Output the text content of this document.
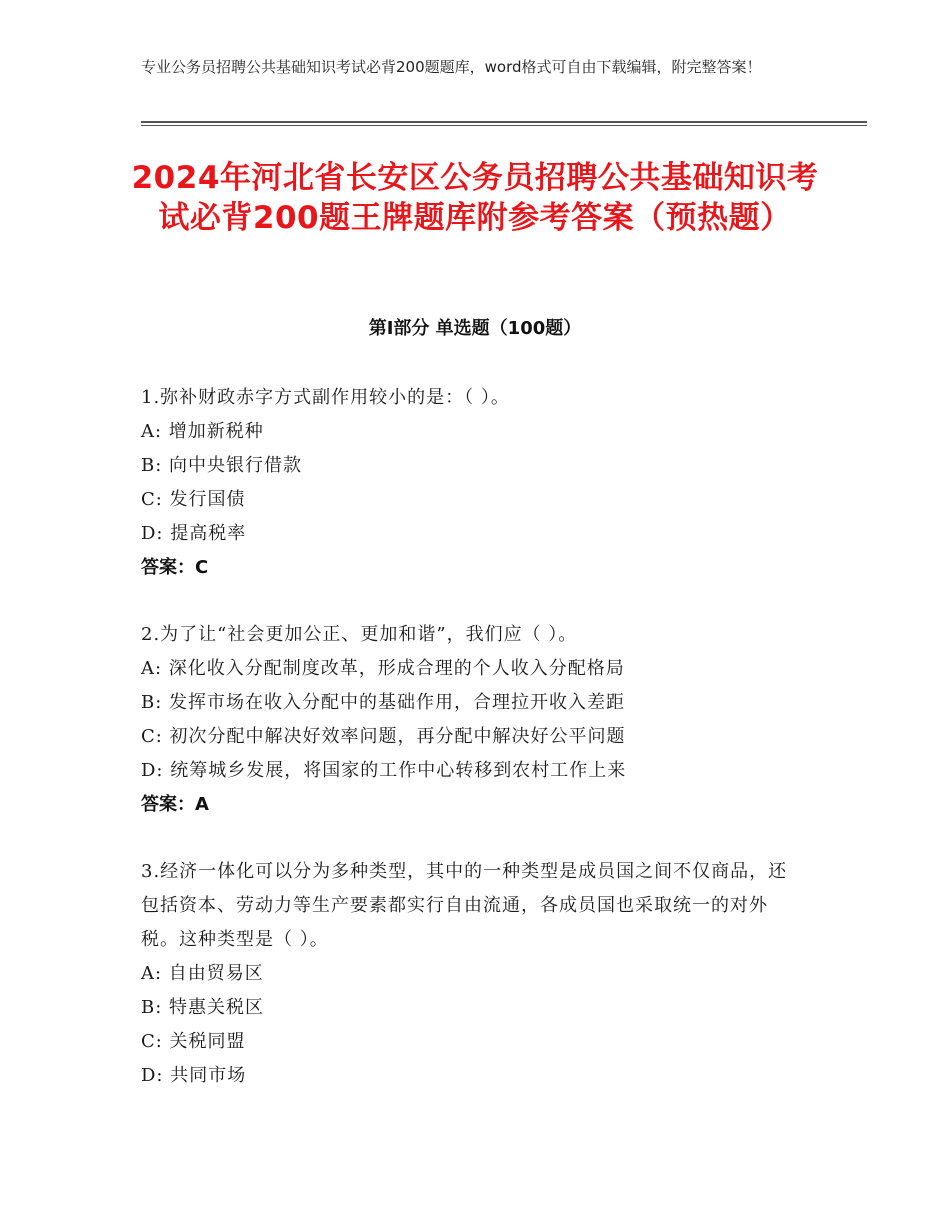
专业公务员招聘公共基础知识考试必背200题题库，word格式可自由下载编辑，附完整答案！
2024年河北省长安区公务员招聘公共基础知识考试必背200题王牌题库附参考答案（预热题）
第Ⅰ部分 单选题（100题）
1.弥补财政赤字方式副作用较小的是：（ ）。
A: 增加新税种
B: 向中央银行借款
C: 发行国债
D: 提高税率
答案：C
2.为了让“社会更加公正、更加和谐”，我们应（ ）。
A: 深化收入分配制度改革，形成合理的个人收入分配格局
B: 发挥市场在收入分配中的基础作用，合理拉开收入差距
C: 初次分配中解决好效率问题，再分配中解决好公平问题
D: 统筹城乡发展，将国家的工作中心转移到农村工作上来
答案：A
3.经济一体化可以分为多种类型，其中的一种类型是成员国之间不仅商品，还包括资本、劳动力等生产要素都实行自由流通，各成员国也采取统一的对外税。这种类型是（ ）。
A: 自由贸易区
B: 特惠关税区
C: 关税同盟
D: 共同市场
